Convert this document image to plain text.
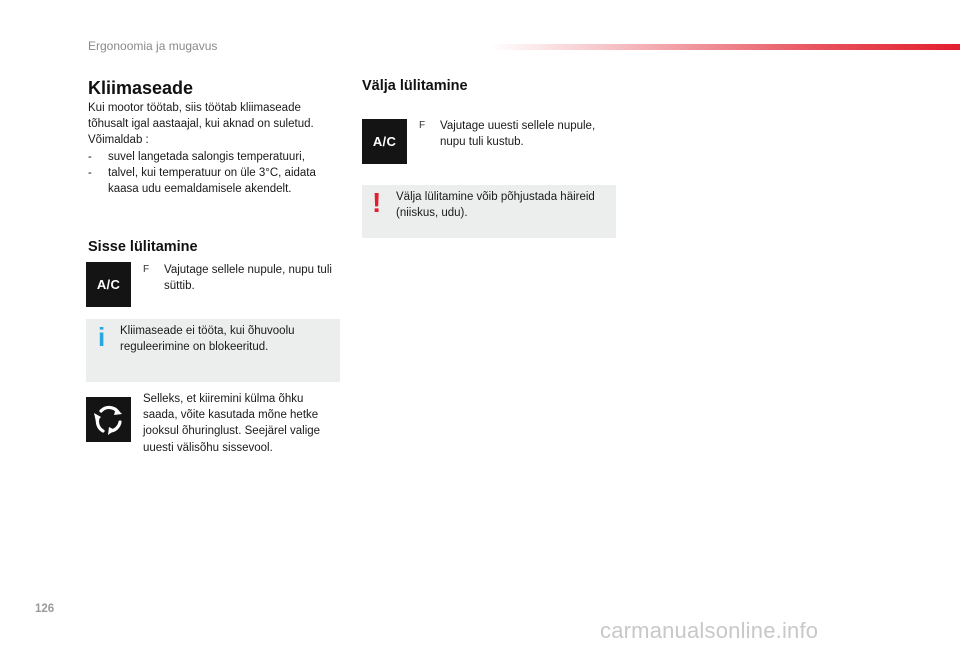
Ergonoomia ja mugavus
Kliimaseade
Kui mootor töötab, siis töötab kliimaseade
tõhusalt igal aastaajal, kui aknad on suletud.
Võimaldab :
- suvel langetada salongis temperatuuri,
- talvel, kui temperatuur on üle 3°C, aidata kaasa udu eemaldamisele akendelt.
Sisse lülitamine
A/C
F	Vajutage sellele nupule, nupu tuli süttib.
i Kliimaseade ei tööta, kui õhuvoolu reguleerimine on blokeeritud.
Selleks, et kiiremini külma õhku saada, võite kasutada mõne hetke jooksul õhuringlust. Seejärel valige uuesti välisõhu sissevool.
Välja lülitamine
A/C
F	Vajutage uuesti sellele nupule, nupu tuli kustub.
! Välja lülitamine võib põhjustada häireid (niiskus, udu).
126
carmanualsonline.info
